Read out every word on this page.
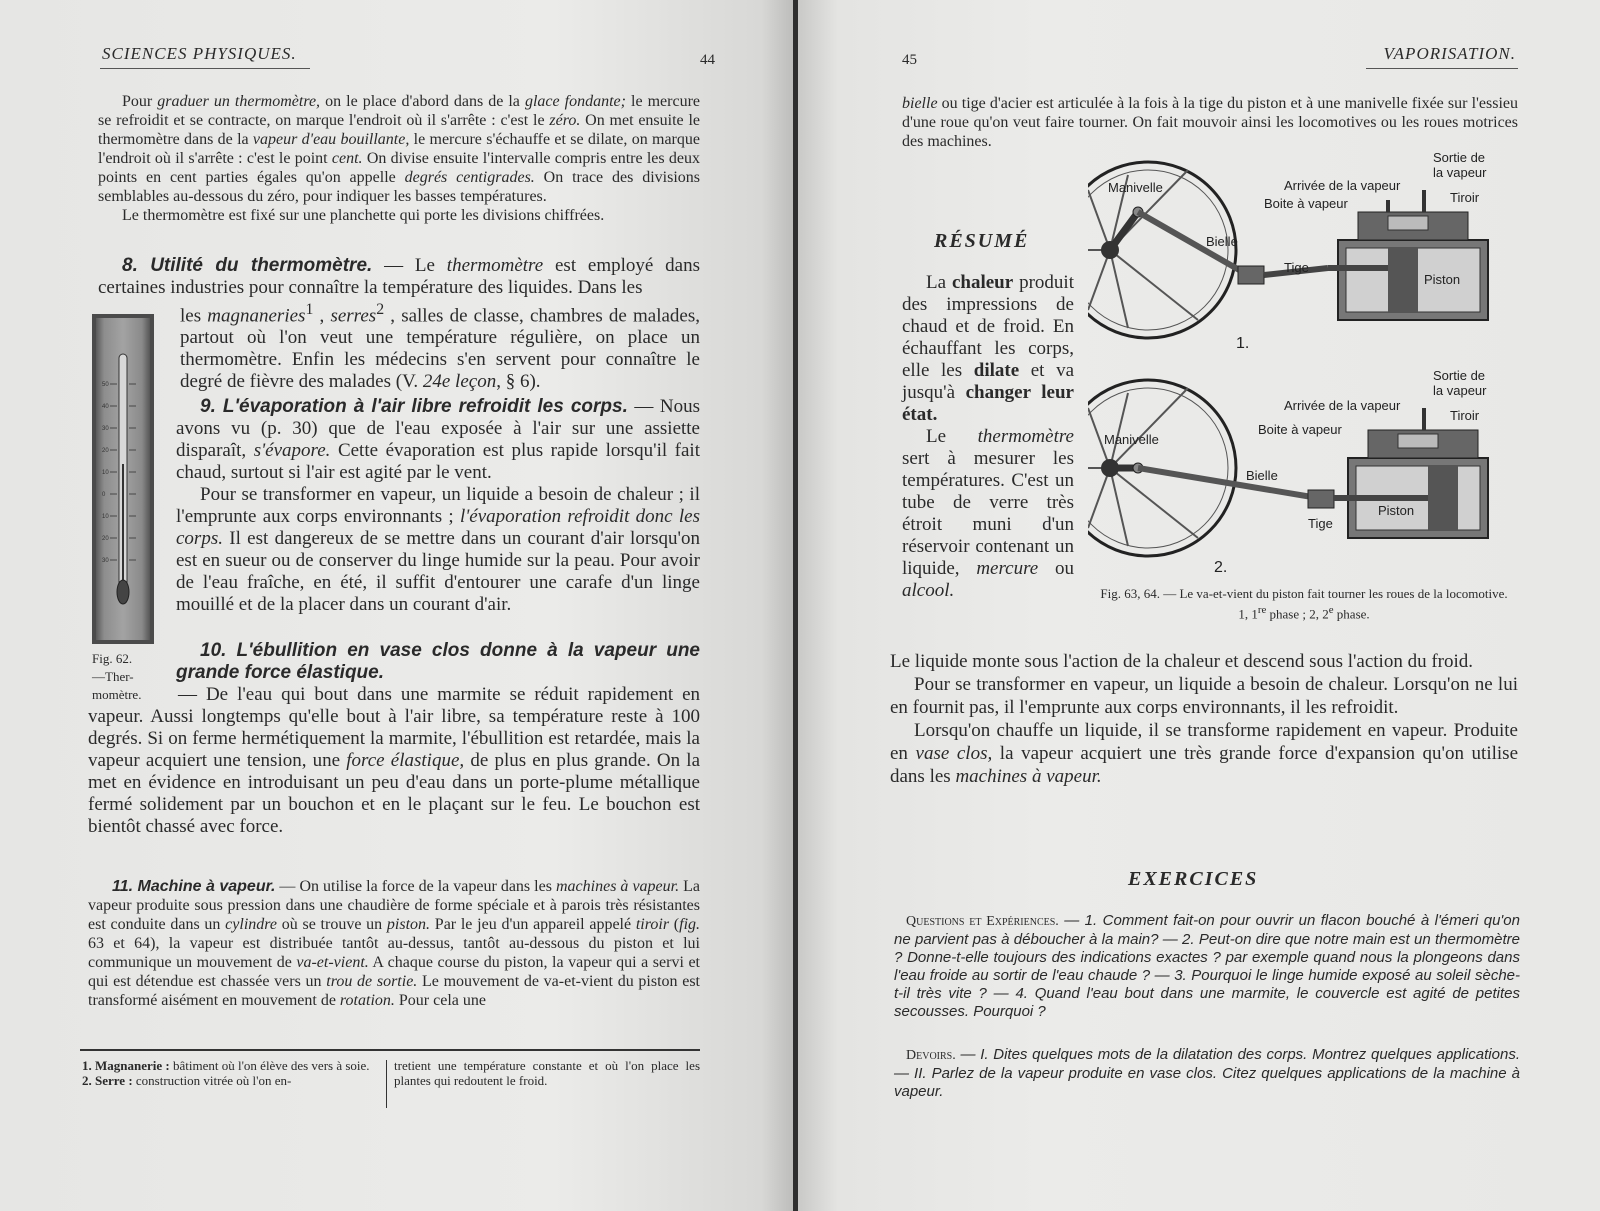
SCIENCES PHYSIQUES.	44

Pour graduer un thermomètre, on le place d'abord dans de la glace fondante; le mercure se refroidit et se contracte, on marque l'endroit où il s'arrête : c'est le zéro. On met ensuite le thermomètre dans de la vapeur d'eau bouillante, le mercure s'échauffe et se dilate, on marque l'endroit où il s'arrête : c'est le point cent. On divise ensuite l'intervalle compris entre les deux points en cent parties égales qu'on appelle degrés centigrades. On trace des divisions semblables au-dessous du zéro, pour indiquer les basses températures.

Le thermomètre est fixé sur une planchette qui porte les divisions chiffrées.

8. Utilité du thermomètre. — Le thermomètre est employé dans certaines industries pour connaître la température des liquides. Dans les

50
40
30
20
10
0
10
20
30

les magnaneries$^1$ , serres$^2$ , salles de classe, chambres de malades, partout où l'on veut une température régulière, on place un thermomètre. Enfin les médecins s'en servent pour connaître le degré de fièvre des malades (V. 24e leçon, § 6).

9. L'évaporation à l'air libre refroidit les corps. — Nous avons vu (p. 30) que de l'eau exposée à l'air sur une assiette disparaît, s'évapore. Cette évaporation est plus rapide lorsqu'il fait chaud, surtout si l'air est agité par le vent.

Pour se transformer en vapeur, un liquide a besoin de chaleur ; il l'emprunte aux corps environnants ; l'évaporation refroidit donc les corps. Il est dangereux de se mettre dans un courant d'air lorsqu'on est en sueur ou de conserver du linge humide sur la peau. Pour avoir de l'eau fraîche, en été, il suffit d'entourer une carafe d'un linge mouillé et de la placer dans un courant d'air.

Fig. 62.
—Ther-
momètre.

10. L'ébullition en vase clos donne à la vapeur une grande force élastique.

— De l'eau qui bout dans une marmite se réduit rapidement en vapeur. Aussi longtemps qu'elle bout à l'air libre, sa température reste à 100 degrés. Si on ferme hermétiquement la marmite, l'ébullition est retardée, mais la vapeur acquiert une tension, une force élastique, de plus en plus grande. On la met en évidence en introduisant un peu d'eau dans un porte-plume métallique fermé solidement par un bouchon et en le plaçant sur le feu. Le bouchon est bientôt chassé avec force.

11. Machine à vapeur. — On utilise la force de la vapeur dans les machines à vapeur. La vapeur produite sous pression dans une chaudière de forme spéciale et à parois très résistantes est conduite dans un cylindre où se trouve un piston. Par le jeu d'un appareil appelé tiroir (fig. 63 et 64), la vapeur est distribuée tantôt au-dessus, tantôt au-dessous du piston et lui communique un mouvement de va-et-vient. A chaque course du piston, la vapeur qui a servi et qui est détendue est chassée vers un trou de sortie. Le mouvement de va-et-vient du piston est transformé aisément en mouvement de rotation. Pour cela une

1. Magnanerie : bâtiment où l'on élève des vers à soie.
2. Serre : construction vitrée où l'on en-
tretient une température constante et où l'on place les plantes qui redoutent le froid.
45	VAPORISATION.

bielle ou tige d'acier est articulée à la fois à la tige du piston et à une manivelle fixée sur l'essieu d'une roue qu'on veut faire tourner. On fait mouvoir ainsi les locomotives ou les roues motrices des machines.

RÉSUMÉ

La chaleur produit des impressions de chaud et de froid. En échauffant les corps, elle les dilate et va jusqu'à changer leur état.

Le thermomètre sert à mesurer les températures. C'est un tube de verre très étroit muni d'un réservoir contenant un liquide, mercure ou alcool.

Manivelle
Bielle
Tige
Piston
Sortie de
la vapeur
Arrivée de la vapeur
Boite à vapeur	Tiroir
1.
Manivelle
Bielle
Tige
Piston
Sortie de
la vapeur
Arrivée de la vapeur
Boite à vapeur
Tiroir
2.
Fig. 63, 64. — Le va-et-vient du piston fait tourner les roues de la locomotive. 1, 1re phase ; 2, 2e phase.

Le liquide monte sous l'action de la chaleur et descend sous l'action du froid.

Pour se transformer en vapeur, un liquide a besoin de chaleur. Lorsqu'on ne lui en fournit pas, il l'emprunte aux corps environnants, il les refroidit.

Lorsqu'on chauffe un liquide, il se transforme rapidement en vapeur. Produite en vase clos, la vapeur acquiert une très grande force d'expansion qu'on utilise dans les machines à vapeur.

EXERCICES

Questions et Expériences. — 1. Comment fait-on pour ouvrir un flacon bouché à l'émeri qu'on ne parvient pas à déboucher à la main? — 2. Peut-on dire que notre main est un thermomètre ? Donne-t-elle toujours des indications exactes ? par exemple quand nous la plongeons dans l'eau froide au sortir de l'eau chaude ? — 3. Pourquoi le linge humide exposé au soleil sèche-t-il très vite ? — 4. Quand l'eau bout dans une marmite, le couvercle est agité de petites secousses. Pourquoi ?

Devoirs. — I. Dites quelques mots de la dilatation des corps. Montrez quelques applications. — II. Parlez de la vapeur produite en vase clos. Citez quelques applications de la machine à vapeur.
